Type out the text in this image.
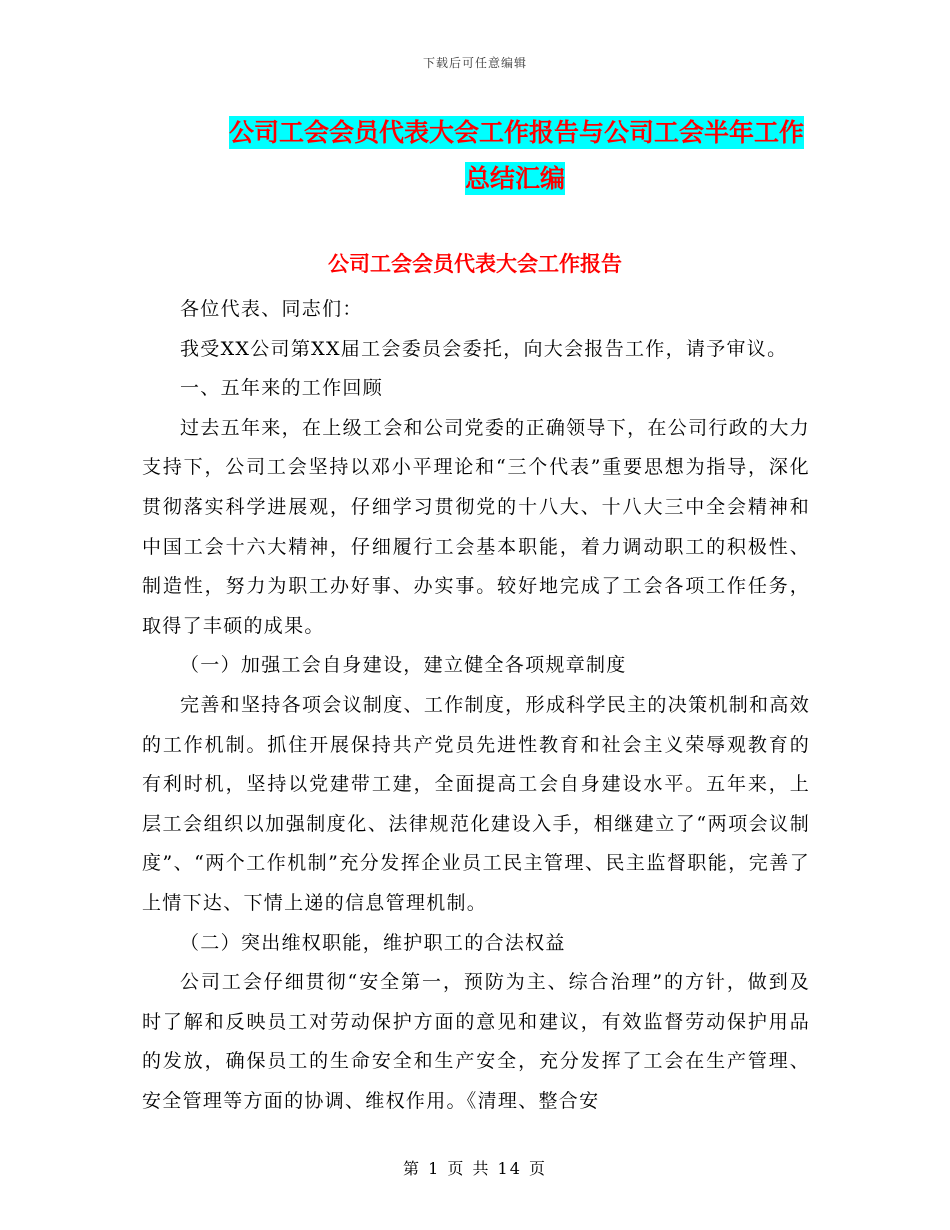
下载后可任意编辑
公司工会会员代表大会工作报告与公司工会半年工作
总结汇编
公司工会会员代表大会工作报告

各位代表、同志们：

我受XX公司第XX届工会委员会委托，向大会报告工作，请予审议。

一、五年来的工作回顾

过去五年来，在上级工会和公司党委的正确领导下，在公司行政的大力支持下，公司工会坚持以邓小平理论和“三个代表”重要思想为指导，深化贯彻落实科学进展观，仔细学习贯彻党的十八大、十八大三中全会精神和中国工会十六大精神，仔细履行工会基本职能，着力调动职工的积极性、制造性，努力为职工办好事、办实事。较好地完成了工会各项工作任务，取得了丰硕的成果。

（一）加强工会自身建设，建立健全各项规章制度

完善和坚持各项会议制度、工作制度，形成科学民主的决策机制和高效的工作机制。抓住开展保持共产党员先进性教育和社会主义荣辱观教育的有利时机，坚持以党建带工建，全面提高工会自身建设水平。五年来，上层工会组织以加强制度化、法律规范化建设入手，相继建立了“两项会议制度”、“两个工作机制”充分发挥企业员工民主管理、民主监督职能，完善了上情下达、下情上递的信息管理机制。

（二）突出维权职能，维护职工的合法权益

公司工会仔细贯彻“安全第一，预防为主、综合治理”的方针，做到及时了解和反映员工对劳动保护方面的意见和建议，有效监督劳动保护用品的发放，确保员工的生命安全和生产安全，充分发挥了工会在生产管理、安全管理等方面的协调、维权作用。《清理、整合安

第 1 页 共 14 页
